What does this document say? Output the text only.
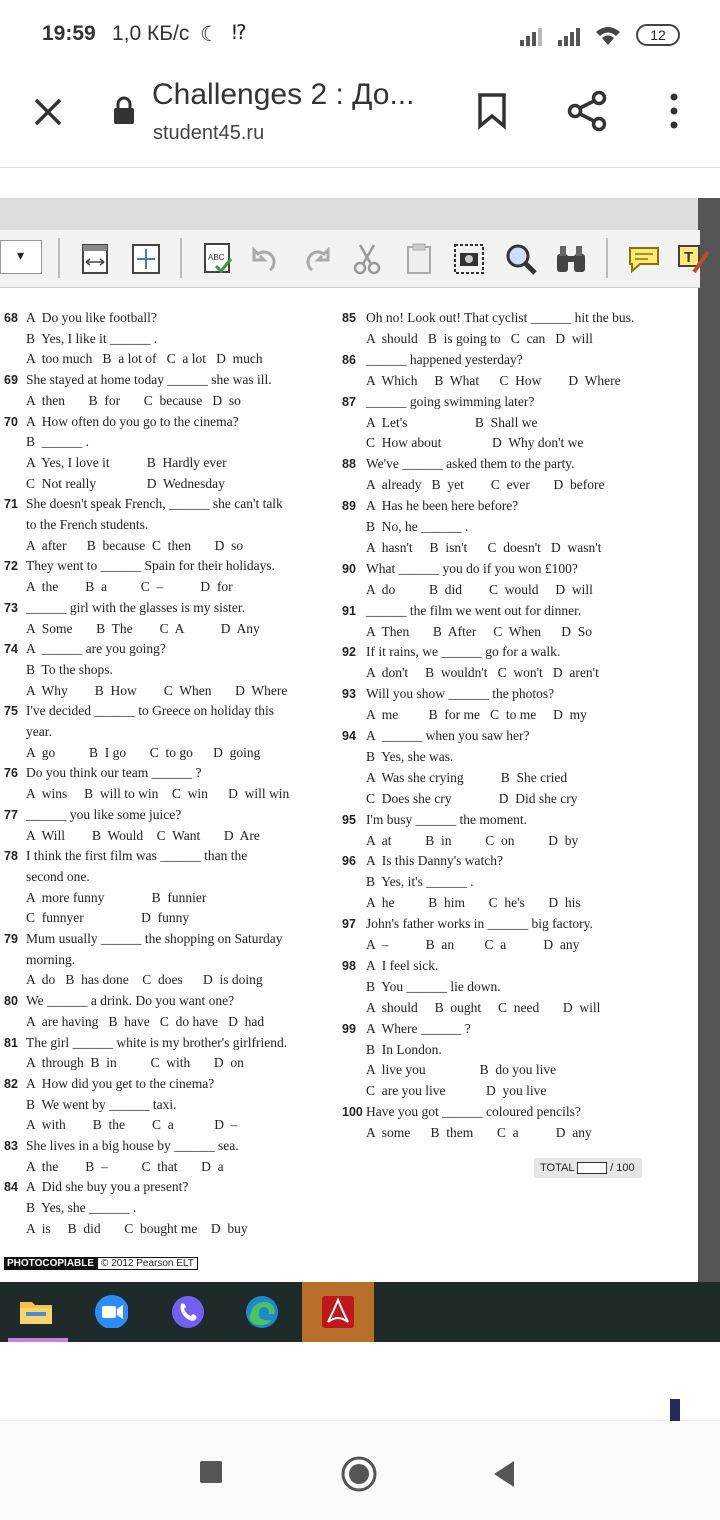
19:59 1,0 КБ/с ☾ ⁉	12
Challenges 2 : До...
student45.ru
▾	ABC	T
68 A  Do you like football?
B  Yes, I like it ______ .
A  too much   B  a lot of   C  a lot   D  much
69 She stayed at home today ______ she was ill.
A  then       B  for       C  because   D  so
70 A  How often do you go to the cinema?
B  ______ .
A  Yes, I love it           B  Hardly ever
C  Not really               D  Wednesday
71 She doesn't speak French, ______ she can't talk
to the French students.
A  after      B  because  C  then       D  so
72 They went to ______ Spain for their holidays.
A  the        B  a          C  –           D  for
73 ______ girl with the glasses is my sister.
A  Some       B  The        C  A           D  Any
74 A  ______ are you going?
B  To the shops.
A  Why        B  How        C  When       D  Where
75 I've decided ______ to Greece on holiday this
year.
A  go          B  I go       C  to go      D  going
76 Do you think our team ______ ?
A  wins     B  will to win    C  win      D  will win
77 ______ you like some juice?
A  Will        B  Would    C  Want       D  Are
78 I think the first film was ______ than the
second one.
A  more funny              B  funnier
C  funnyer                 D  funny
79 Mum usually ______ the shopping on Saturday
morning.
A  do   B  has done    C  does      D  is doing
80 We ______ a drink. Do you want one?
A  are having   B  have   C  do have   D  had
81 The girl ______ white is my brother's girlfriend.
A  through  B  in          C  with       D  on
82 A  How did you get to the cinema?
B  We went by ______ taxi.
A  with        B  the        C  a            D  –
83 She lives in a big house by ______ sea.
A  the        B  –          C  that       D  a
84 A  Did she buy you a present?
B  Yes, she ______ .
A  is     B  did       C  bought me    D  buy
85 Oh no! Look out! That cyclist ______ hit the bus.
A  should   B  is going to   C  can   D  will
86 ______ happened yesterday?
A  Which     B  What      C  How        D  Where
87 ______ going swimming later?
A  Let's                    B  Shall we
C  How about               D  Why don't we
88 We've ______ asked them to the party.
A  already   B  yet        C  ever       D  before
89 A  Has he been here before?
B  No, he ______ .
A  hasn't     B  isn't      C  doesn't   D  wasn't
90 What ______ you do if you won £100?
A  do          B  did        C  would     D  will
91 ______ the film we went out for dinner.
A  Then       B  After     C  When      D  So
92 If it rains, we ______ go for a walk.
A  don't     B  wouldn't   C  won't   D  aren't
93 Will you show ______ the photos?
A  me         B  for me   C  to me     D  my
94 A  ______ when you saw her?
B  Yes, she was.
A  Was she crying           B  She cried
C  Does she cry              D  Did she cry
95 I'm busy ______ the moment.
A  at          B  in          C  on          D  by
96 A  Is this Danny's watch?
B  Yes, it's ______ .
A  he          B  him       C  he's       D  his
97 John's father works in ______ big factory.
A  –           B  an         C  a           D  any
98 A  I feel sick.
B  You ______ lie down.
A  should     B  ought     C  need       D  will
99 A  Where ______ ?
B  In London.
A  live you                B  do you live
C  are you live            D  you live
100 Have you got ______ coloured pencils?
A  some      B  them       C  a           D  any
TOTAL	/ 100
PHOTOCOPIABLE © 2012 Pearson ELT
